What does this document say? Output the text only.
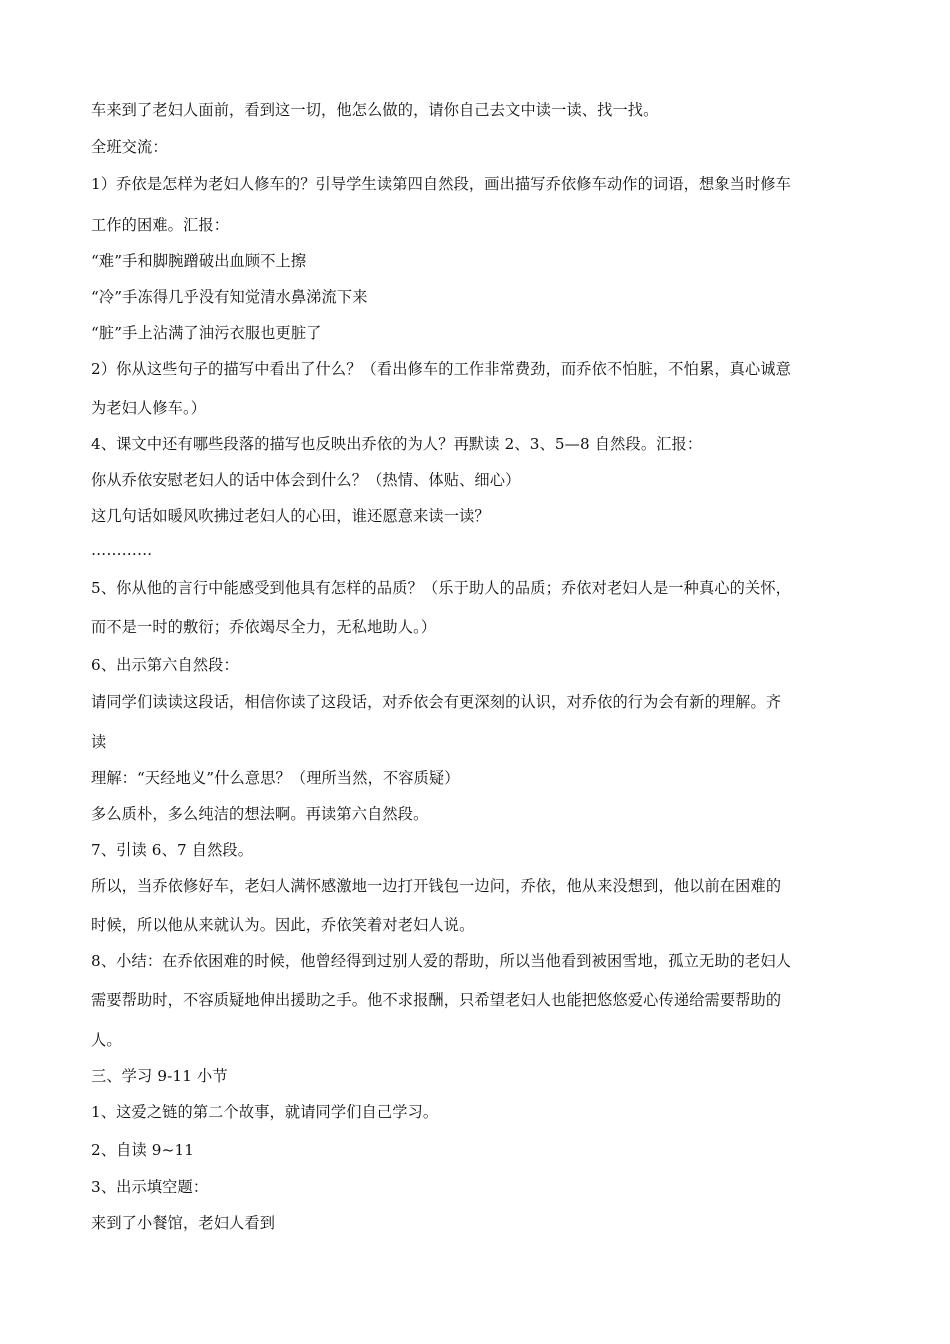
车来到了老妇人面前，看到这一切，他怎么做的，请你自己去文中读一读、找一找。
全班交流：
1）乔依是怎样为老妇人修车的？引导学生读第四自然段，画出描写乔依修车动作的词语，想象当时修车
工作的困难。汇报：
“难”手和脚腕蹭破出血顾不上擦
“冷”手冻得几乎没有知觉清水鼻涕流下来
“脏”手上沾满了油污衣服也更脏了
2）你从这些句子的描写中看出了什么？（看出修车的工作非常费劲，而乔依不怕脏，不怕累，真心诚意
为老妇人修车。）
4、课文中还有哪些段落的描写也反映出乔依的为人？再默读 2、3、5—8 自然段。汇报：
你从乔依安慰老妇人的话中体会到什么？（热情、体贴、细心）
这几句话如暖风吹拂过老妇人的心田，谁还愿意来读一读？
…………
5、你从他的言行中能感受到他具有怎样的品质？（乐于助人的品质；乔依对老妇人是一种真心的关怀，
而不是一时的敷衍；乔依竭尽全力，无私地助人。）
6、出示第六自然段：
请同学们读读这段话，相信你读了这段话，对乔依会有更深刻的认识，对乔依的行为会有新的理解。齐
读
理解：“天经地义”什么意思？（理所当然，不容质疑）
多么质朴，多么纯洁的想法啊。再读第六自然段。
7、引读 6、7 自然段。
所以，当乔依修好车，老妇人满怀感激地一边打开钱包一边问，乔依，他从来没想到，他以前在困难的
时候，所以他从来就认为。因此，乔依笑着对老妇人说。
8、小结：在乔依困难的时候，他曾经得到过别人爱的帮助，所以当他看到被困雪地，孤立无助的老妇人
需要帮助时，不容质疑地伸出援助之手。他不求报酬，只希望老妇人也能把悠悠爱心传递给需要帮助的
人。
三、学习 9-11 小节
1、这爱之链的第二个故事，就请同学们自己学习。
2、自读 9~11
3、出示填空题：
来到了小餐馆，老妇人看到
